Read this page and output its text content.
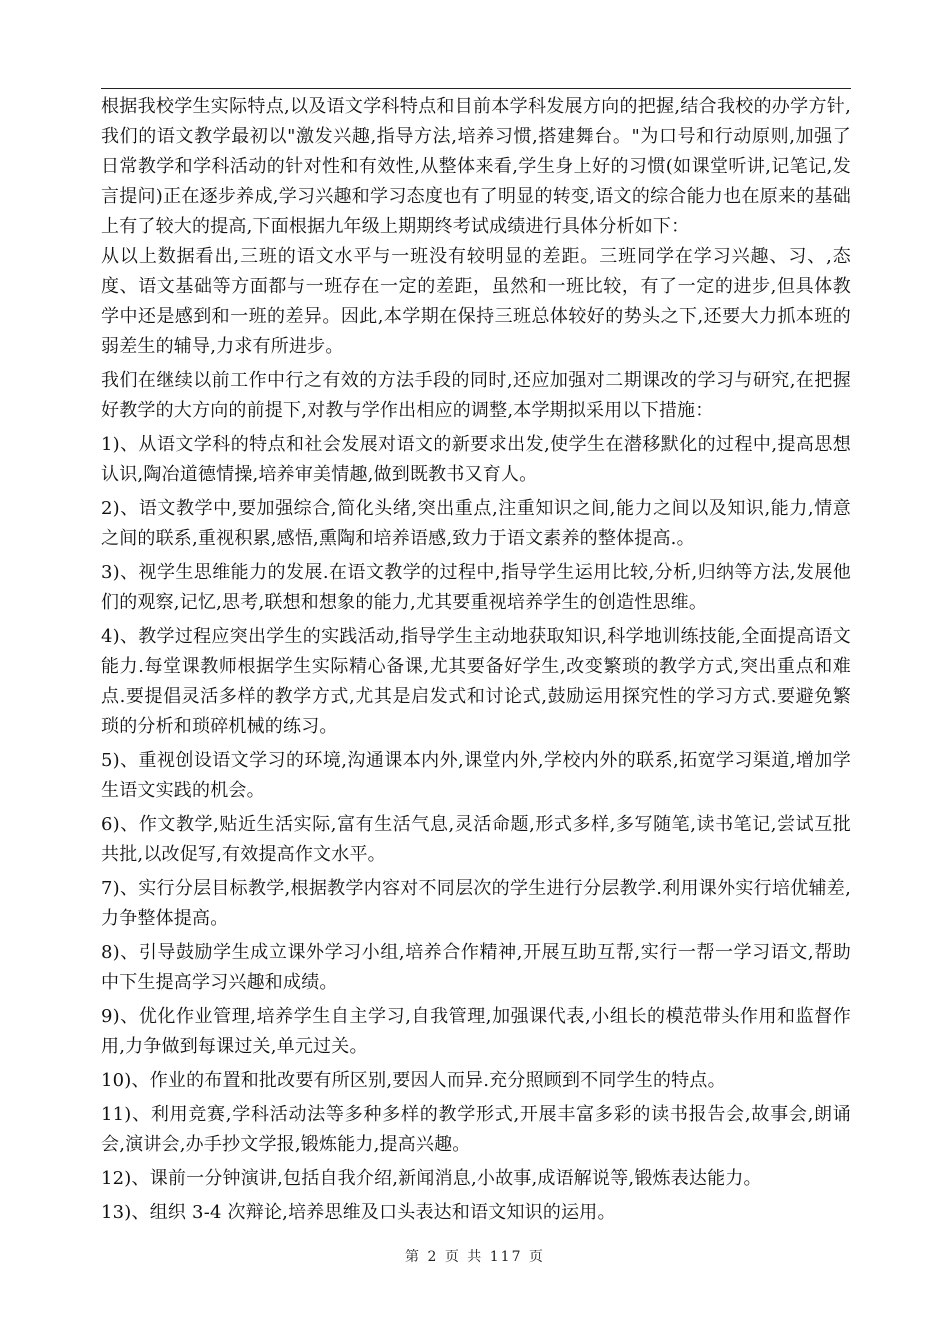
根据我校学生实际特点,以及语文学科特点和目前本学科发展方向的把握,结合我校的办学方针,我们的语文教学最初以"激发兴趣,指导方法,培养习惯,搭建舞台。"为口号和行动原则,加强了日常教学和学科活动的针对性和有效性,从整体来看,学生身上好的习惯(如课堂听讲,记笔记,发言提问)正在逐步养成,学习兴趣和学习态度也有了明显的转变,语文的综合能力也在原来的基础上有了较大的提高,下面根据九年级上期期终考试成绩进行具体分析如下：

从以上数据看出,三班的语文水平与一班没有较明显的差距。三班同学在学习兴趣、习、,态度、语文基础等方面都与一班存在一定的差距，虽然和一班比较，有了一定的进步,但具体教学中还是感到和一班的差异。因此,本学期在保持三班总体较好的势头之下,还要大力抓本班的弱差生的辅导,力求有所进步。

我们在继续以前工作中行之有效的方法手段的同时,还应加强对二期课改的学习与研究,在把握好教学的大方向的前提下,对教与学作出相应的调整,本学期拟采用以下措施：

1)、从语文学科的特点和社会发展对语文的新要求出发,使学生在潜移默化的过程中,提高思想认识,陶冶道德情操,培养审美情趣,做到既教书又育人。

2)、语文教学中,要加强综合,简化头绪,突出重点,注重知识之间,能力之间以及知识,能力,情意之间的联系,重视积累,感悟,熏陶和培养语感,致力于语文素养的整体提高.。

3)、视学生思维能力的发展.在语文教学的过程中,指导学生运用比较,分析,归纳等方法,发展他们的观察,记忆,思考,联想和想象的能力,尤其要重视培养学生的创造性思维。

4)、教学过程应突出学生的实践活动,指导学生主动地获取知识,科学地训练技能,全面提高语文能力.每堂课教师根据学生实际精心备课,尤其要备好学生,改变繁琐的教学方式,突出重点和难点.要提倡灵活多样的教学方式,尤其是启发式和讨论式,鼓励运用探究性的学习方式.要避免繁琐的分析和琐碎机械的练习。

5)、重视创设语文学习的环境,沟通课本内外,课堂内外,学校内外的联系,拓宽学习渠道,增加学生语文实践的机会。

6)、作文教学,贴近生活实际,富有生活气息,灵活命题,形式多样,多写随笔,读书笔记,尝试互批共批,以改促写,有效提高作文水平。

7)、实行分层目标教学,根据教学内容对不同层次的学生进行分层教学.利用课外实行培优辅差,力争整体提高。

8)、引导鼓励学生成立课外学习小组,培养合作精神,开展互助互帮,实行一帮一学习语文,帮助中下生提高学习兴趣和成绩。

9)、优化作业管理,培养学生自主学习,自我管理,加强课代表,小组长的模范带头作用和监督作用,力争做到每课过关,单元过关。

10)、作业的布置和批改要有所区别,要因人而异.充分照顾到不同学生的特点。

11)、利用竞赛,学科活动法等多种多样的教学形式,开展丰富多彩的读书报告会,故事会,朗诵会,演讲会,办手抄文学报,锻炼能力,提高兴趣。

12)、课前一分钟演讲,包括自我介绍,新闻消息,小故事,成语解说等,锻炼表达能力。

13)、组织 3-4 次辩论,培养思维及口头表达和语文知识的运用。

第 2 页 共 117 页
